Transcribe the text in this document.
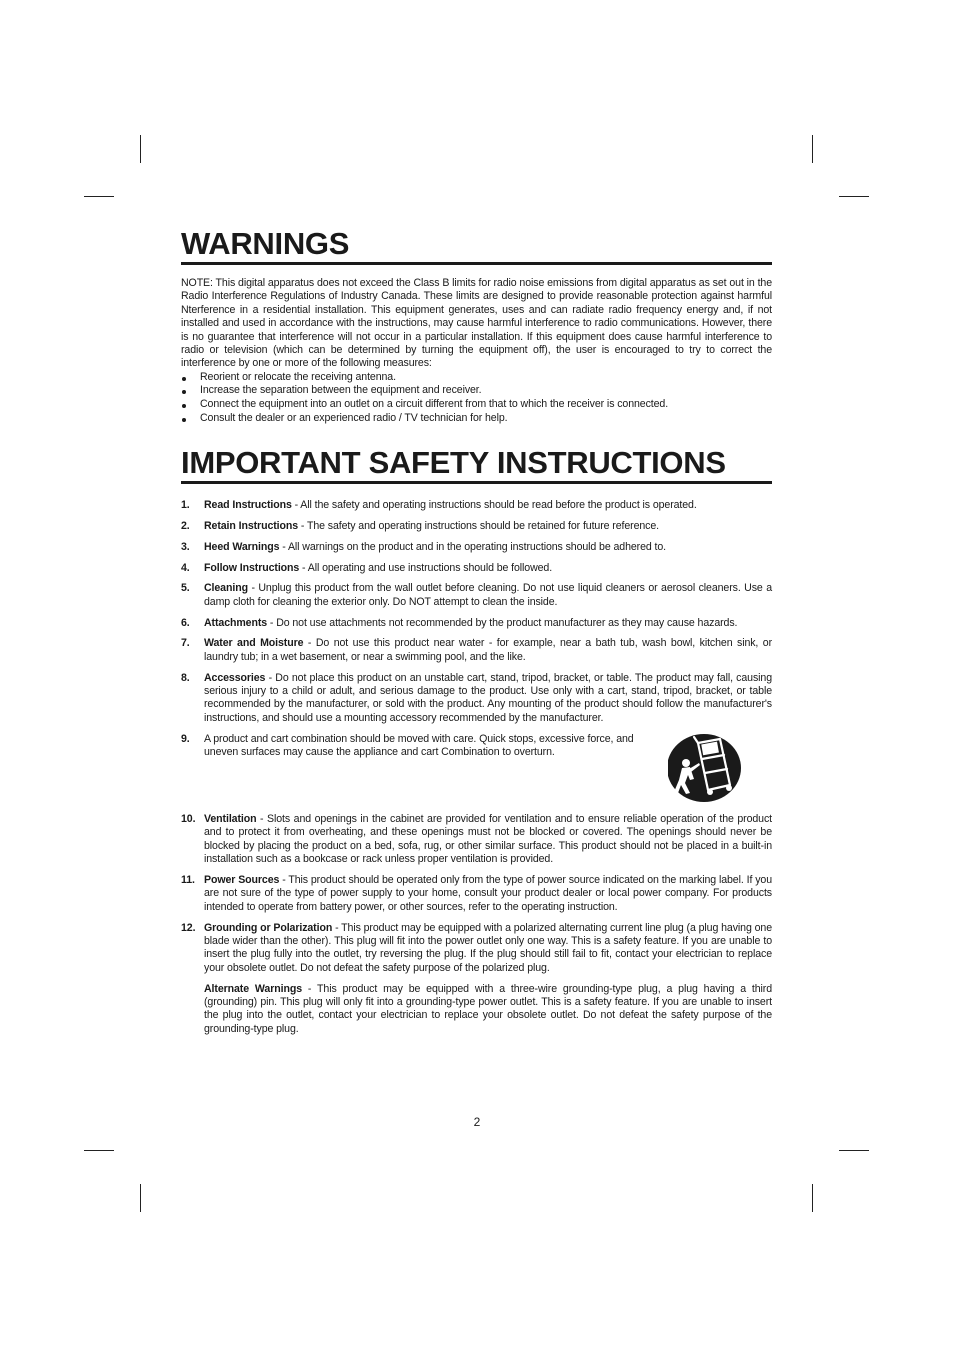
WARNINGS

NOTE: This digital apparatus does not exceed the Class B limits for radio noise emissions from digital apparatus as set out in the Radio Interference Regulations of Industry Canada. These limits are designed to provide reasonable protection against harmful Nterference in a residential installation. This equipment generates, uses and can radiate radio frequency energy and, if not installed and used in accordance with the instructions, may cause harmful interference to radio communications. However, there is no guarantee that interference will not occur in a particular installation. If this equipment does cause harmful interference to radio or television (which can be determined by turning the equipment off), the user is encouraged to try to correct the interference by one or more of the following measures:

Reorient or relocate the receiving antenna.
Increase the separation between the equipment and receiver.
Connect the equipment into an outlet on a circuit different from that to which the receiver is connected.
Consult the dealer or an experienced radio / TV technician for help.
IMPORTANT SAFETY INSTRUCTIONS
1. Read Instructions - All the safety and operating instructions should be read before the product is operated.
2. Retain Instructions - The safety and operating instructions should be retained for future reference.
3. Heed Warnings - All warnings on the product and in the operating instructions should be adhered to.
4. Follow Instructions - All operating and use instructions should be followed.
5. Cleaning - Unplug this product from the wall outlet before cleaning. Do not use liquid cleaners or aerosol cleaners. Use a damp cloth for cleaning the exterior only. Do NOT attempt to clean the inside.
6. Attachments - Do not use attachments not recommended by the product manufacturer as they may cause hazards.
7. Water and Moisture - Do not use this product near water - for example, near a bath tub, wash bowl, kitchen sink, or laundry tub; in a wet basement, or near a swimming pool, and the like.
8. Accessories - Do not place this product on an unstable cart, stand, tripod, bracket, or table. The product may fall, causing serious injury to a child or adult, and serious damage to the product. Use only with a cart, stand, tripod, bracket, or table recommended by the manufacturer, or sold with the product. Any mounting of the product should follow the manufacturer's instructions, and should use a mounting accessory recommended by the manufacturer.
9. A product and cart combination should be moved with care. Quick stops, excessive force, and uneven surfaces may cause the appliance and cart Combination to overturn.
10. Ventilation - Slots and openings in the cabinet are provided for ventilation and to ensure reliable operation of the product and to protect it from overheating, and these openings must not be blocked or covered. The openings should never be blocked by placing the product on a bed, sofa, rug, or other similar surface. This product should not be placed in a built-in installation such as a bookcase or rack unless proper ventilation is provided.
11. Power Sources - This product should be operated only from the type of power source indicated on the marking label. If you are not sure of the type of power supply to your home, consult your product dealer or local power company. For products intended to operate from battery power, or other sources, refer to the operating instruction.
12. Grounding or Polarization - This product may be equipped with a polarized alternating current line plug (a plug having one blade wider than the other). This plug will fit into the power outlet only one way. This is a safety feature. If you are unable to insert the plug fully into the outlet, try reversing the plug. If the plug should still fail to fit, contact your electrician to replace your obsolete outlet. Do not defeat the safety purpose of the polarized plug.

Alternate Warnings - This product may be equipped with a three-wire grounding-type plug, a plug having a third (grounding) pin. This plug will only fit into a grounding-type power outlet. This is a safety feature. If you are unable to insert the plug into the outlet, contact your electrician to replace your obsolete outlet. Do not defeat the safety purpose of the grounding-type plug.

2
